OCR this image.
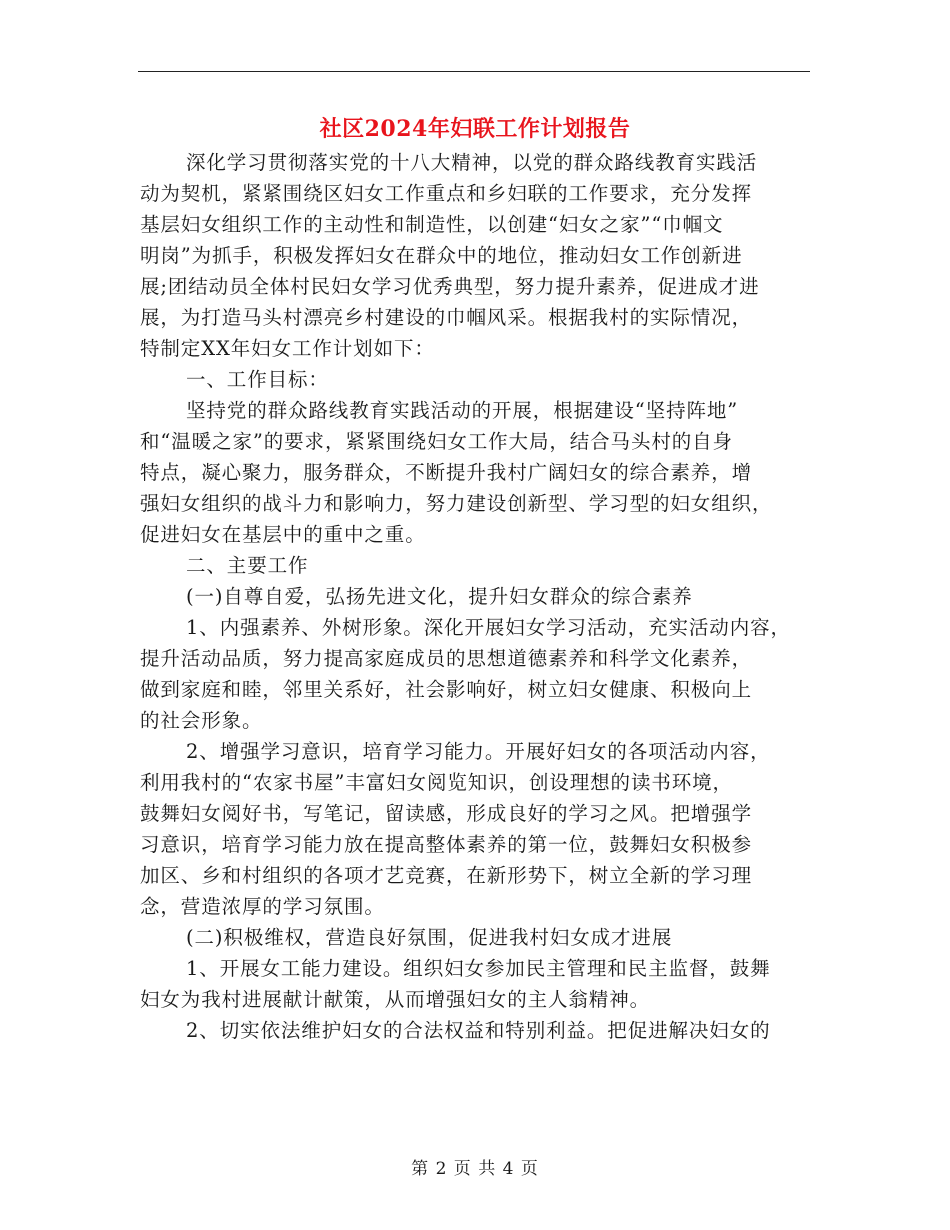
社区2024年妇联工作计划报告
深化学习贯彻落实党的十八大精神，以党的群众路线教育实践活
动为契机，紧紧围绕区妇女工作重点和乡妇联的工作要求，充分发挥
基层妇女组织工作的主动性和制造性，以创建“妇女之家”“巾帼文
明岗”为抓手，积极发挥妇女在群众中的地位，推动妇女工作创新进
展;团结动员全体村民妇女学习优秀典型，努力提升素养，促进成才进
展，为打造马头村漂亮乡村建设的巾帼风采。根据我村的实际情况，
特制定XX年妇女工作计划如下：
一、工作目标：
坚持党的群众路线教育实践活动的开展，根据建设“坚持阵地”
和“温暖之家”的要求，紧紧围绕妇女工作大局，结合马头村的自身
特点，凝心聚力，服务群众，不断提升我村广阔妇女的综合素养，增
强妇女组织的战斗力和影响力，努力建设创新型、学习型的妇女组织，
促进妇女在基层中的重中之重。
二、主要工作
(一)自尊自爱，弘扬先进文化，提升妇女群众的综合素养
1、内强素养、外树形象。深化开展妇女学习活动，充实活动内容，
提升活动品质，努力提高家庭成员的思想道德素养和科学文化素养，
做到家庭和睦，邻里关系好，社会影响好，树立妇女健康、积极向上
的社会形象。
2、增强学习意识，培育学习能力。开展好妇女的各项活动内容，
利用我村的“农家书屋”丰富妇女阅览知识，创设理想的读书环境，
鼓舞妇女阅好书，写笔记，留读感，形成良好的学习之风。把增强学
习意识，培育学习能力放在提高整体素养的第一位，鼓舞妇女积极参
加区、乡和村组织的各项才艺竞赛，在新形势下，树立全新的学习理
念，营造浓厚的学习氛围。
(二)积极维权，营造良好氛围，促进我村妇女成才进展
1、开展女工能力建设。组织妇女参加民主管理和民主监督，鼓舞
妇女为我村进展献计献策，从而增强妇女的主人翁精神。
2、切实依法维护妇女的合法权益和特别利益。把促进解决妇女的
第 2 页 共 4 页
